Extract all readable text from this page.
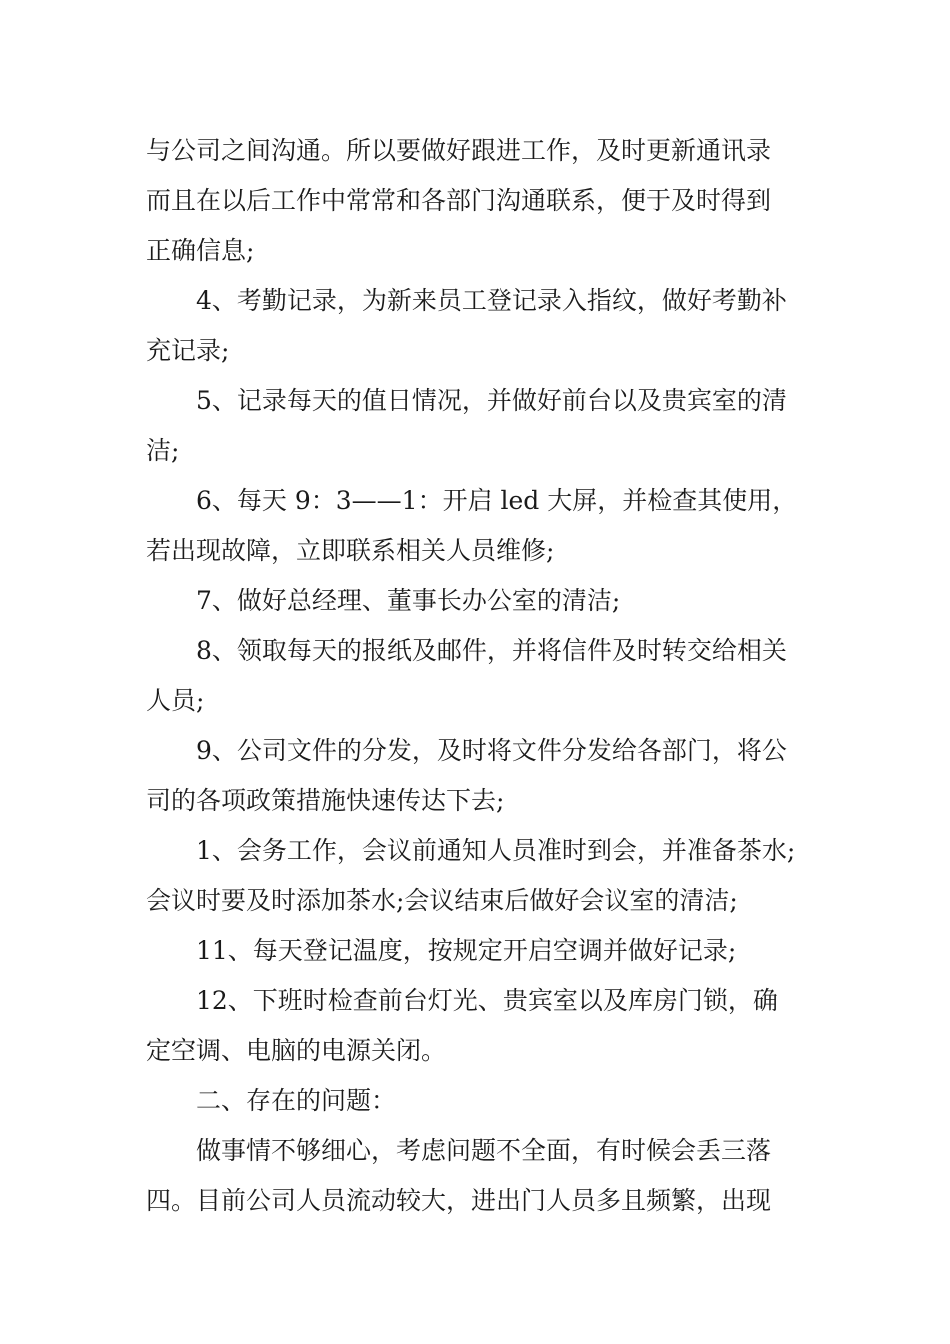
与公司之间沟通。所以要做好跟进工作，及时更新通讯录
而且在以后工作中常常和各部门沟通联系，便于及时得到
正确信息;
4、考勤记录，为新来员工登记录入指纹，做好考勤补
充记录;
5、记录每天的值日情况，并做好前台以及贵宾室的清
洁;
6、每天 9：3——1：开启 led 大屏，并检查其使用，
若出现故障，立即联系相关人员维修;
7、做好总经理、董事长办公室的清洁;
8、领取每天的报纸及邮件，并将信件及时转交给相关
人员;
9、公司文件的分发，及时将文件分发给各部门，将公
司的各项政策措施快速传达下去;
1、会务工作，会议前通知人员准时到会，并准备茶水;
会议时要及时添加茶水;会议结束后做好会议室的清洁;
11、每天登记温度，按规定开启空调并做好记录;
12、下班时检查前台灯光、贵宾室以及库房门锁，确
定空调、电脑的电源关闭。
二、存在的问题：
做事情不够细心，考虑问题不全面，有时候会丢三落
四。目前公司人员流动较大，进出门人员多且频繁，出现
